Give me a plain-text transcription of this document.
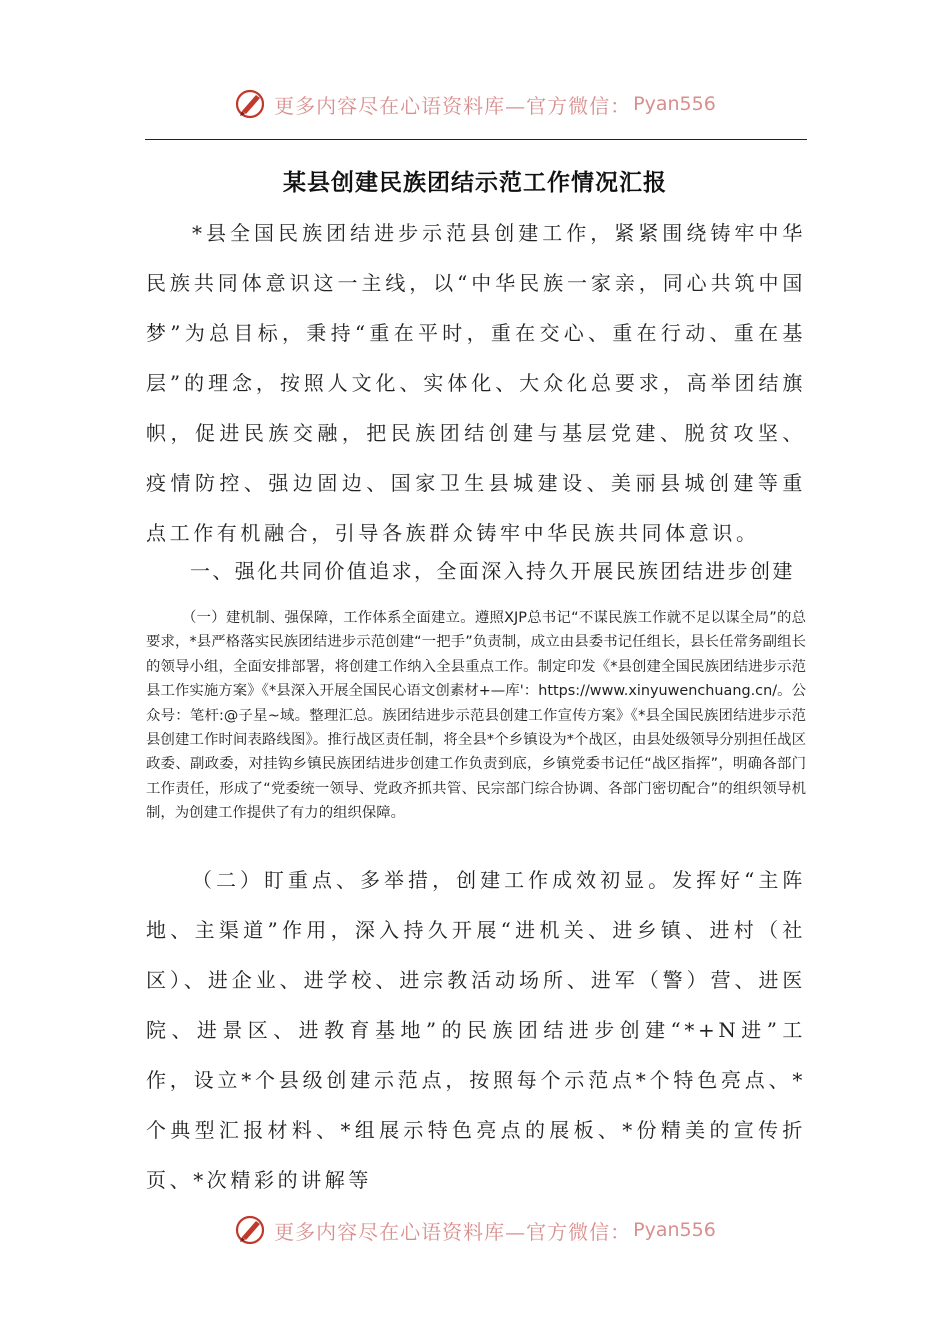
更多内容尽在心语资料库—官方微信： Pyan556
某县创建民族团结示范工作情况汇报

*县全国民族团结进步示范县创建工作，紧紧围绕铸牢中华民族共同体意识这一主线，以“中华民族一家亲，同心共筑中国梦”为总目标，秉持“重在平时，重在交心、重在行动、重在基层”的理念，按照人文化、实体化、大众化总要求，高举团结旗帜，促进民族交融，把民族团结创建与基层党建、脱贫攻坚、疫情防控、强边固边、国家卫生县城建设、美丽县城创建等重点工作有机融合，引导各族群众铸牢中华民族共同体意识。

一、强化共同价值追求，全面深入持久开展民族团结进步创建

（一）建机制、强保障，工作体系全面建立。遵照XJP总书记“不谋民族工作就不足以谋全局”的总要求，*县严格落实民族团结进步示范创建“一把手”负责制，成立由县委书记任组长，县长任常务副组长的领导小组，全面安排部署，将创建工作纳入全县重点工作。制定印发《*县创建全国民族团结进步示范县工作实施方案》《*县深入开展全国民心语文创素材+—库'：https://www.xinyuwenchuang.cn/。公众号：笔杆:@子星~域。整理汇总。族团结进步示范县创建工作宣传方案》《*县全国民族团结进步示范县创建工作时间表路线图》。推行战区责任制，将全县*个乡镇设为*个战区，由县处级领导分别担任战区政委、副政委，对挂钩乡镇民族团结进步创建工作负责到底，乡镇党委书记任“战区指挥”，明确各部门工作责任，形成了“党委统一领导、党政齐抓共管、民宗部门综合协调、各部门密切配合”的组织领导机制，为创建工作提供了有力的组织保障。

（二）盯重点、多举措，创建工作成效初显。发挥好“主阵地、主渠道”作用，深入持久开展“进机关、进乡镇、进村（社区）、进企业、进学校、进宗教活动场所、进军（警）营、进医院、进景区、进教育基地”的民族团结进步创建“*+N进”工作，设立*个县级创建示范点，按照每个示范点*个特色亮点、*个典型汇报材料、*组展示特色亮点的展板、*份精美的宣传折页、*次精彩的讲解等

更多内容尽在心语资料库—官方微信： Pyan556
